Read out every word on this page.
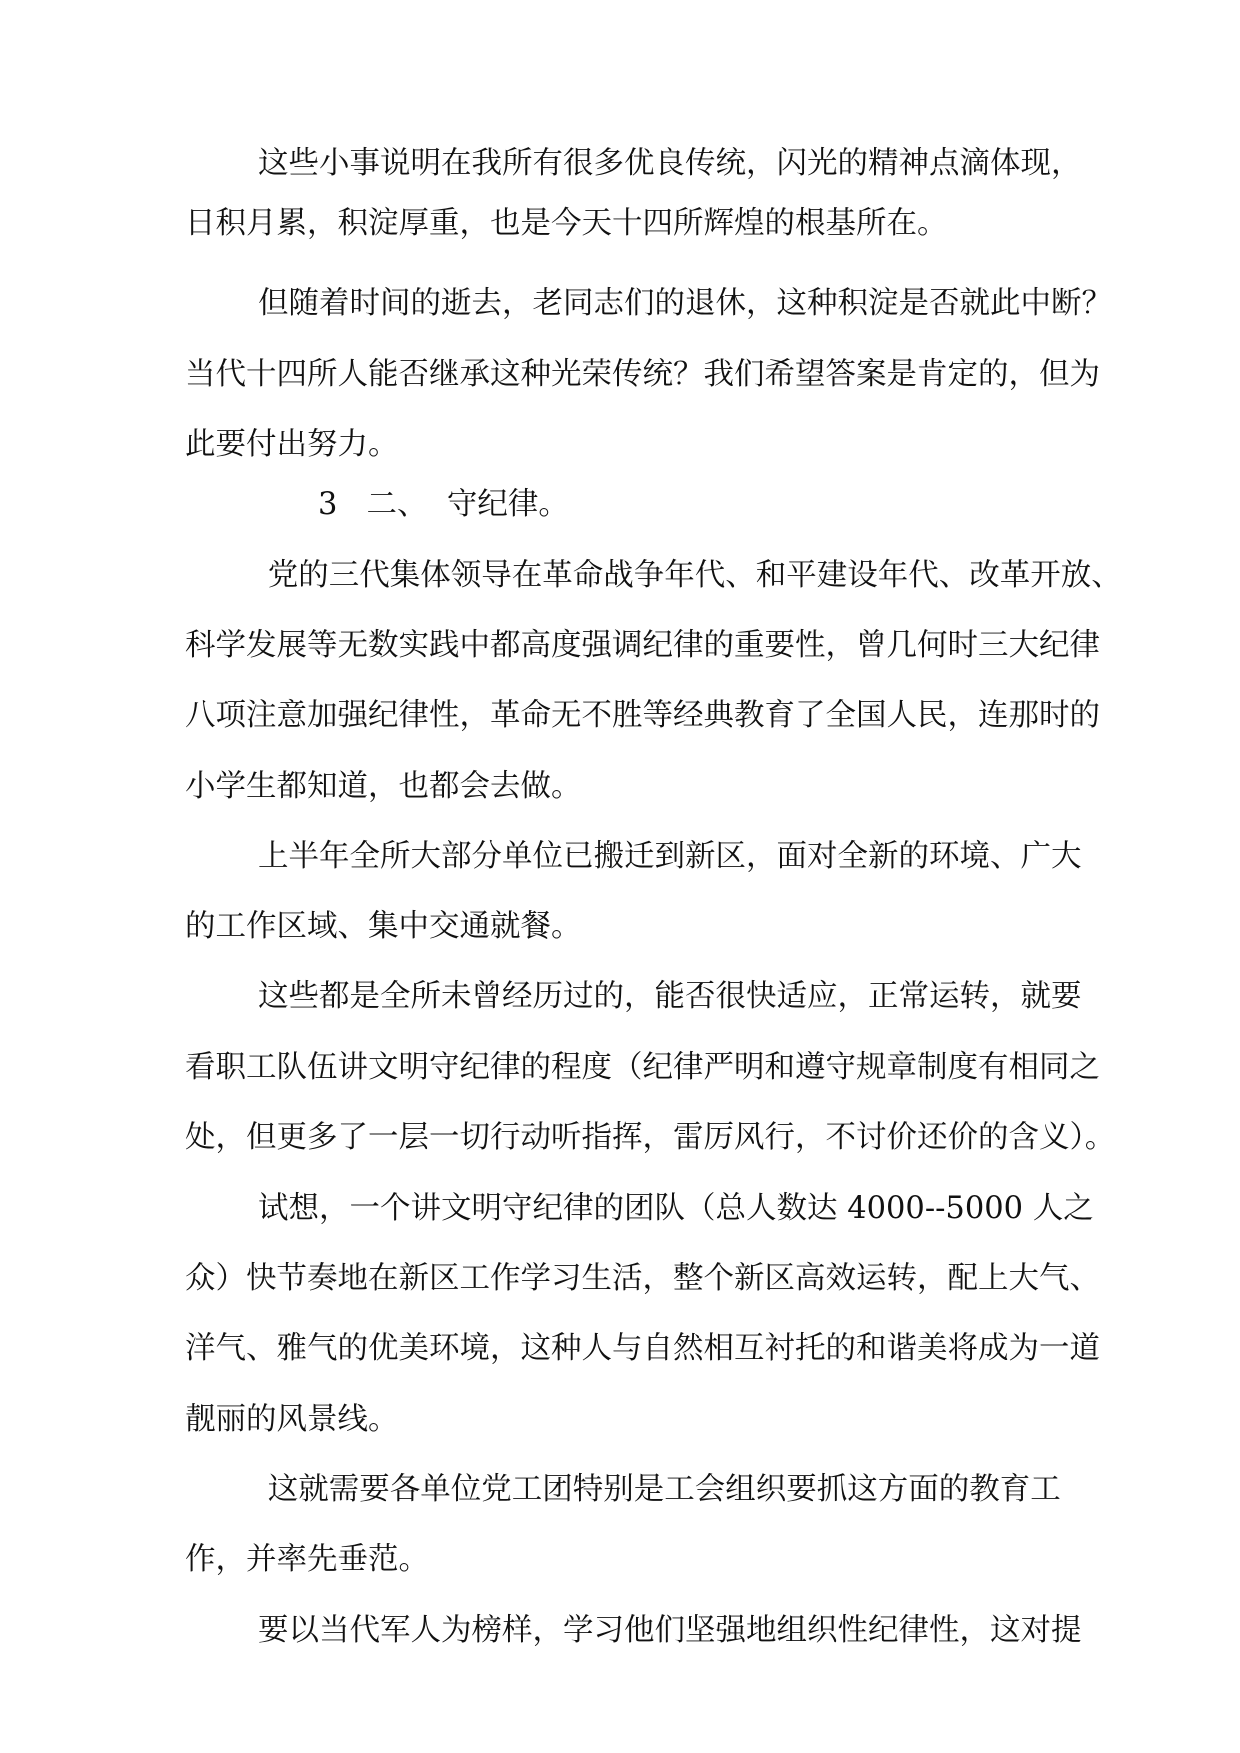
这些小事说明在我所有很多优良传统，闪光的精神点滴体现，

日积月累，积淀厚重，也是今天十四所辉煌的根基所在。

但随着时间的逝去，老同志们的退休，这种积淀是否就此中断？

当代十四所人能否继承这种光荣传统？我们希望答案是肯定的，但为

此要付出努力。

3   二、  守纪律。

党的三代集体领导在革命战争年代、和平建设年代、改革开放、

科学发展等无数实践中都高度强调纪律的重要性，曾几何时三大纪律

八项注意加强纪律性，革命无不胜等经典教育了全国人民，连那时的

小学生都知道，也都会去做。

上半年全所大部分单位已搬迁到新区，面对全新的环境、广大

的工作区域、集中交通就餐。

这些都是全所未曾经历过的，能否很快适应，正常运转，就要

看职工队伍讲文明守纪律的程度（纪律严明和遵守规章制度有相同之

处，但更多了一层一切行动听指挥，雷厉风行，不讨价还价的含义）。

试想，一个讲文明守纪律的团队（总人数达 4000--5000 人之

众）快节奏地在新区工作学习生活，整个新区高效运转，配上大气、

洋气、雅气的优美环境，这种人与自然相互衬托的和谐美将成为一道

靓丽的风景线。

这就需要各单位党工团特别是工会组织要抓这方面的教育工

作，并率先垂范。

要以当代军人为榜样，学习他们坚强地组织性纪律性，这对提
